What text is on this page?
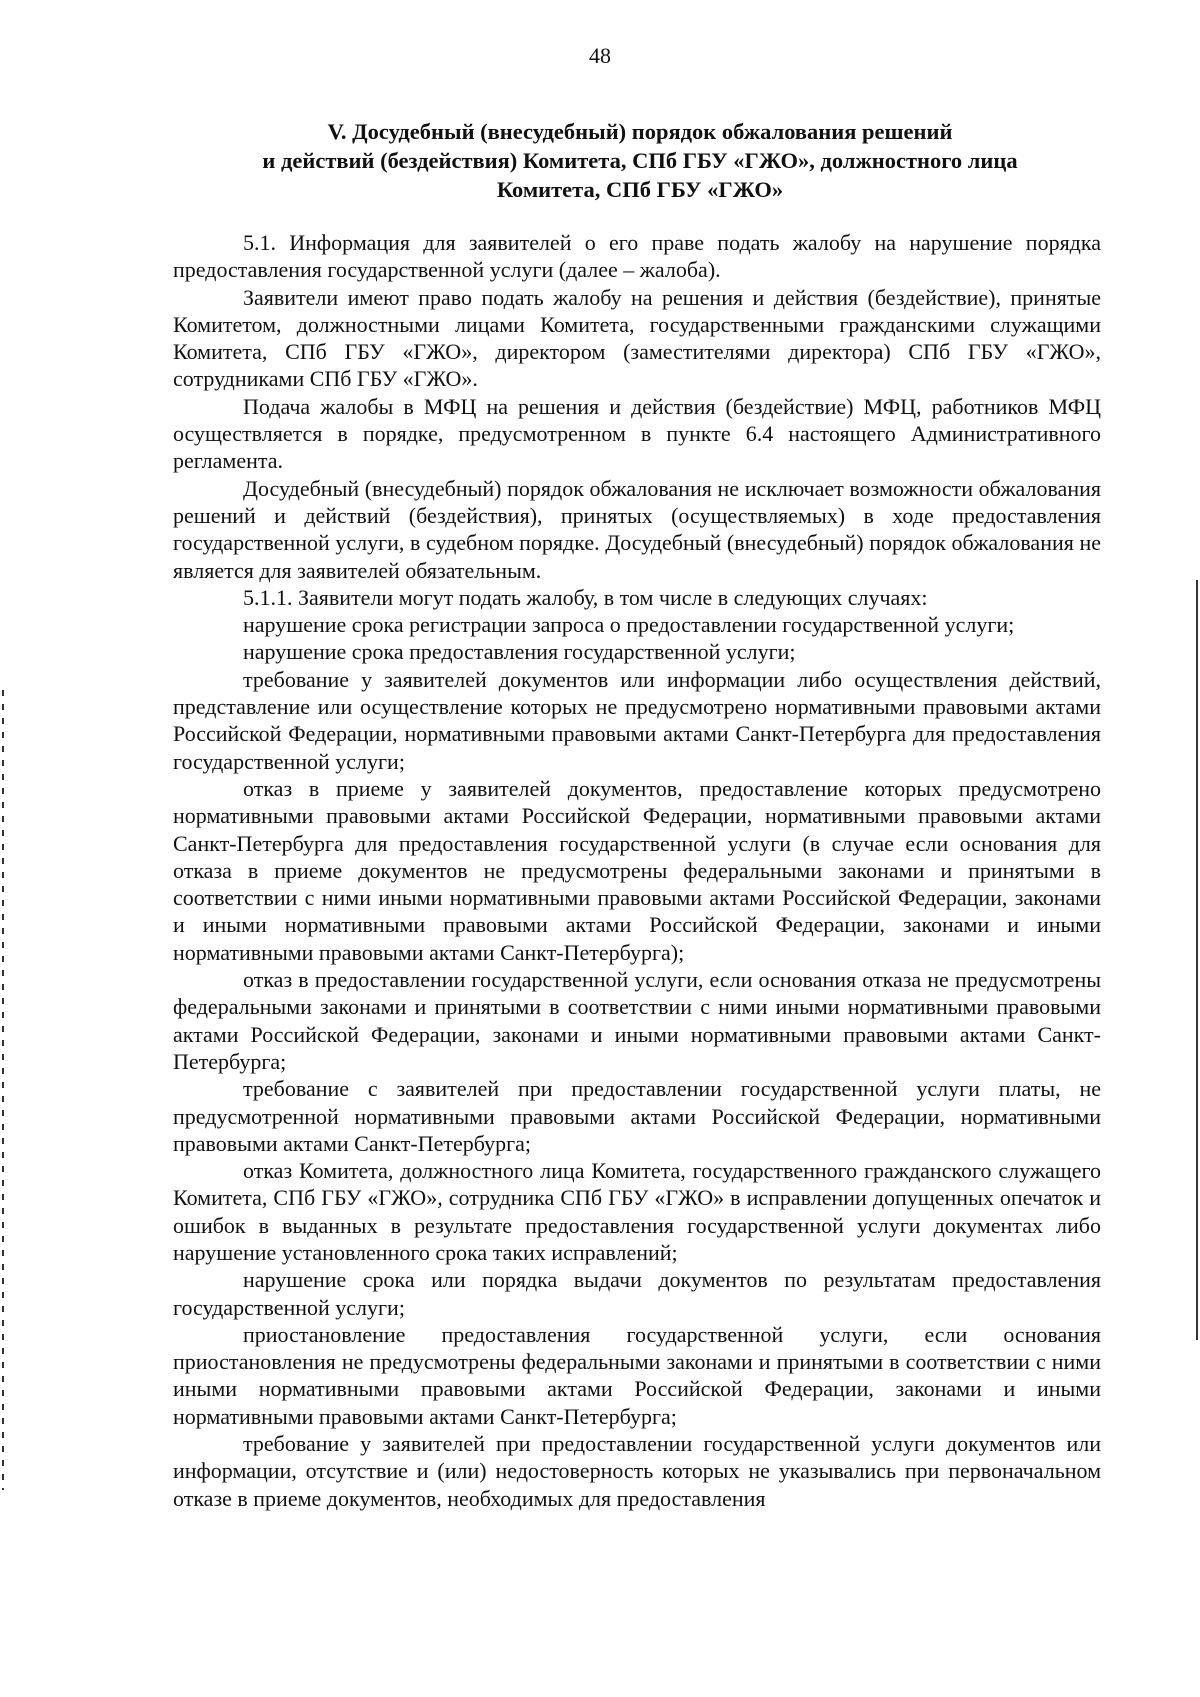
48
V. Досудебный (внесудебный) порядок обжалования решений
и действий (бездействия) Комитета, СПб ГБУ «ГЖО», должностного лица
Комитета, СПб ГБУ «ГЖО»

5.1. Информация для заявителей о его праве подать жалобу на нарушение порядка предоставления государственной услуги (далее – жалоба).

Заявители имеют право подать жалобу на решения и действия (бездействие), принятые Комитетом, должностными лицами Комитета, государственными гражданскими служащими Комитета, СПб ГБУ «ГЖО», директором (заместителями директора) СПб ГБУ «ГЖО», сотрудниками СПб ГБУ «ГЖО».

Подача жалобы в МФЦ на решения и действия (бездействие) МФЦ, работников МФЦ осуществляется в порядке, предусмотренном в пункте 6.4 настоящего Административного регламента.

Досудебный (внесудебный) порядок обжалования не исключает возможности обжалования решений и действий (бездействия), принятых (осуществляемых) в ходе предоставления государственной услуги, в судебном порядке. Досудебный (внесудебный) порядок обжалования не является для заявителей обязательным.

5.1.1. Заявители могут подать жалобу, в том числе в следующих случаях:

нарушение срока регистрации запроса о предоставлении государственной услуги;

нарушение срока предоставления государственной услуги;

требование у заявителей документов или информации либо осуществления действий, представление или осуществление которых не предусмотрено нормативными правовыми актами Российской Федерации, нормативными правовыми актами Санкт-Петербурга для предоставления государственной услуги;

отказ в приеме у заявителей документов, предоставление которых предусмотрено нормативными правовыми актами Российской Федерации, нормативными правовыми актами Санкт-Петербурга для предоставления государственной услуги (в случае если основания для отказа в приеме документов не предусмотрены федеральными законами и принятыми в соответствии с ними иными нормативными правовыми актами Российской Федерации, законами и иными нормативными правовыми актами Российской Федерации, законами и иными нормативными правовыми актами Санкт-Петербурга);

отказ в предоставлении государственной услуги, если основания отказа не предусмотрены федеральными законами и принятыми в соответствии с ними иными нормативными правовыми актами Российской Федерации, законами и иными нормативными правовыми актами Санкт-Петербурга;

требование с заявителей при предоставлении государственной услуги платы, не предусмотренной нормативными правовыми актами Российской Федерации, нормативными правовыми актами Санкт-Петербурга;

отказ Комитета, должностного лица Комитета, государственного гражданского служащего Комитета, СПб ГБУ «ГЖО», сотрудника СПб ГБУ «ГЖО» в исправлении допущенных опечаток и ошибок в выданных в результате предоставления государственной услуги документах либо нарушение установленного срока таких исправлений;

нарушение срока или порядка выдачи документов по результатам предоставления государственной услуги;

приостановление предоставления государственной услуги, если основания приостановления не предусмотрены федеральными законами и принятыми в соответствии с ними иными нормативными правовыми актами Российской Федерации, законами и иными нормативными правовыми актами Санкт-Петербурга;

требование у заявителей при предоставлении государственной услуги документов или информации, отсутствие и (или) недостоверность которых не указывались при первоначальном отказе в приеме документов, необходимых для предоставления
